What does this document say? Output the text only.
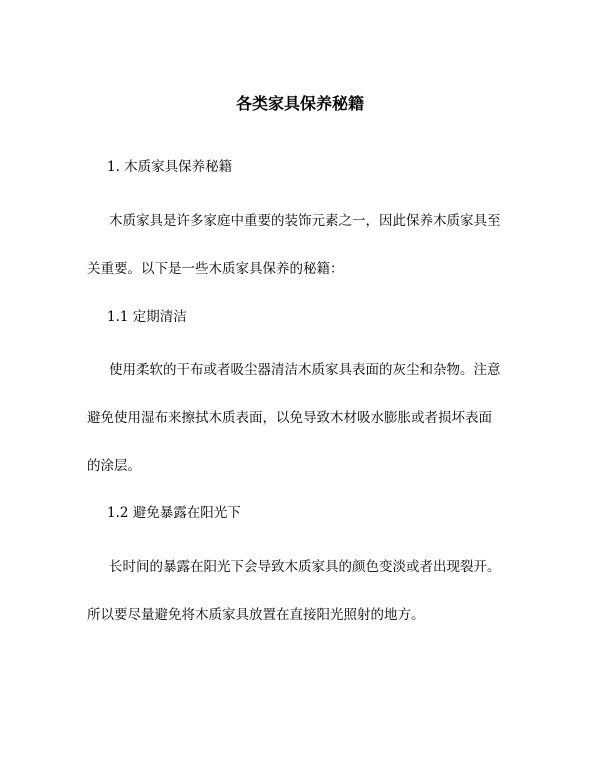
各类家具保养秘籍

1. 木质家具保养秘籍

木质家具是许多家庭中重要的装饰元素之一，因此保养木质家具至
关重要。以下是一些木质家具保养的秘籍：

1.1 定期清洁

使用柔软的干布或者吸尘器清洁木质家具表面的灰尘和杂物。注意
避免使用湿布来擦拭木质表面，以免导致木材吸水膨胀或者损坏表面
的涂层。

1.2 避免暴露在阳光下

长时间的暴露在阳光下会导致木质家具的颜色变淡或者出现裂开。
所以要尽量避免将木质家具放置在直接阳光照射的地方。
